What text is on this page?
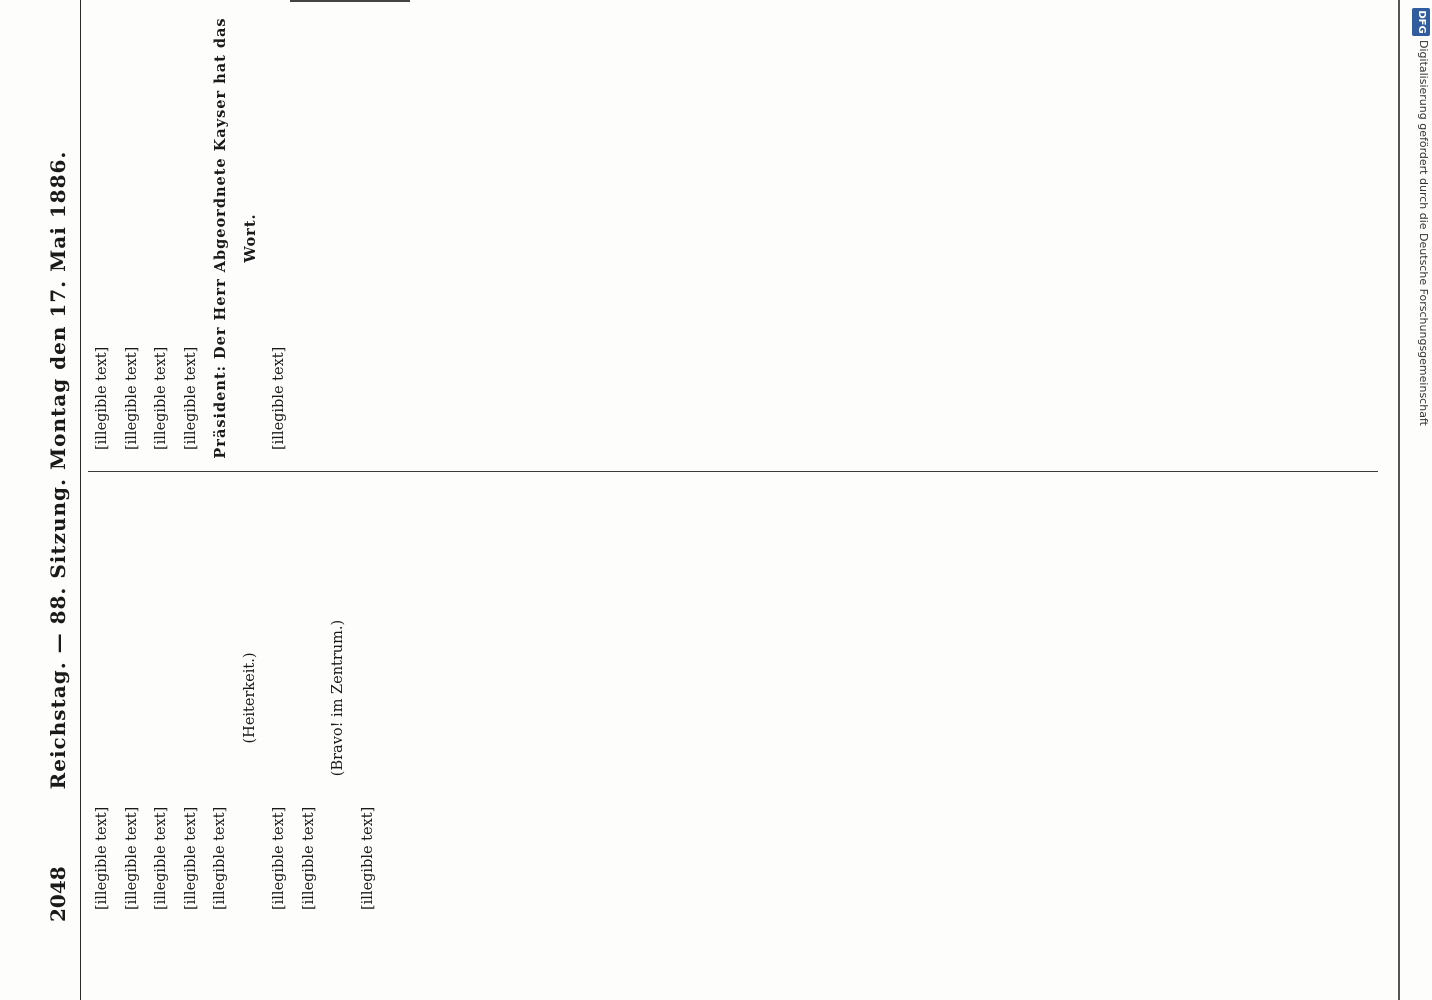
2048
Reichstag. — 88. Sitzung. Montag den 17. Mai 1886.

[illegible text] [illegible text] [illegible text] [illegible text] [illegible text]

(Heiterkeit.)

[illegible text] [illegible text]

(Bravo! im Zentrum.)

[illegible text]

[illegible text] [illegible text] [illegible text] [illegible text] Präsident: Der Herr Abgeordnete Kayser hat das Wort.

[illegible text]

DFG
Digitalisierung gefördert durch die Deutsche Forschungsgemeinschaft
